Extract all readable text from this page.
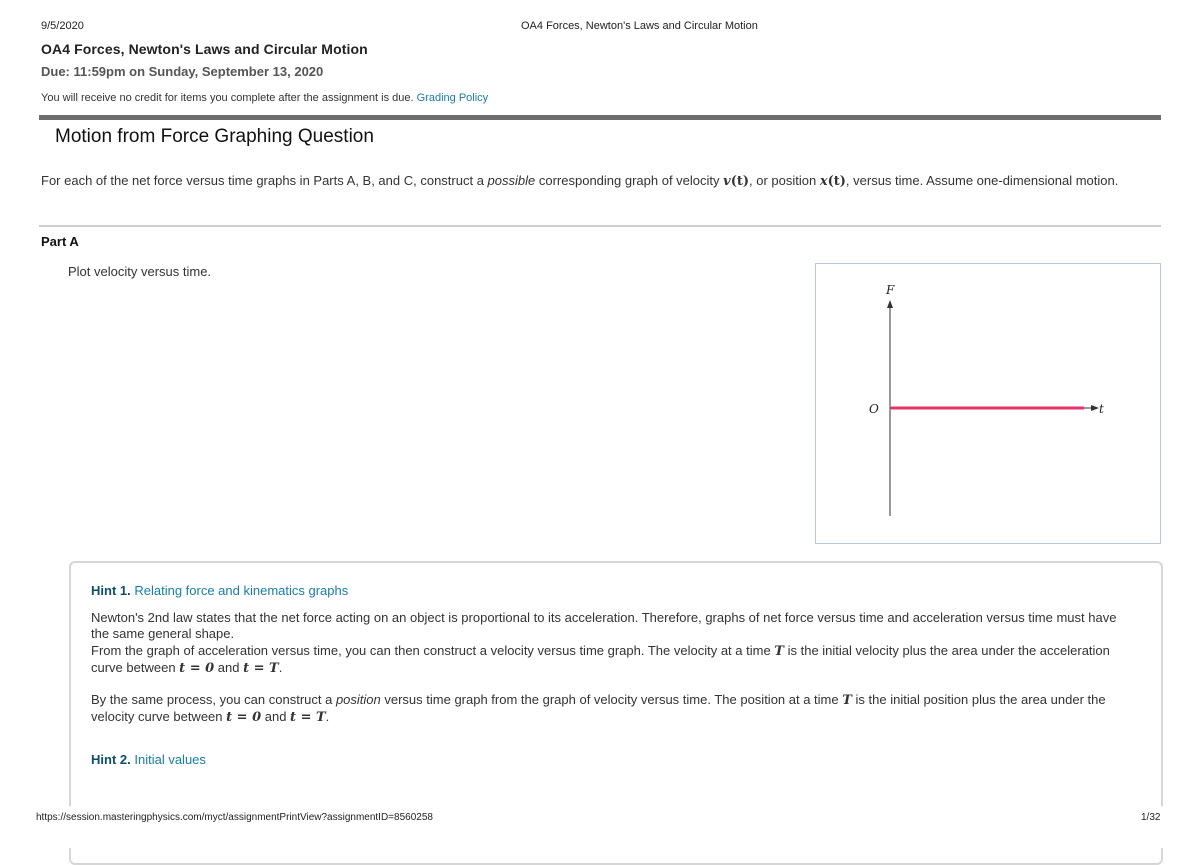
9/5/2020	OA4 Forces, Newton's Laws and Circular Motion
OA4 Forces, Newton's Laws and Circular Motion
Due: 11:59pm on Sunday, September 13, 2020
You will receive no credit for items you complete after the assignment is due. Grading Policy
Motion from Force Graphing Question
For each of the net force versus time graphs in Parts A, B, and C, construct a possible corresponding graph of velocity v(t), or position x(t), versus time. Assume one-dimensional motion.
Part A
Plot velocity versus time.
F
t
O
Hint 1. Relating force and kinematics graphs
Newton's 2nd law states that the net force acting on an object is proportional to its acceleration. Therefore, graphs of net force versus time and acceleration versus time must have the same general shape.
From the graph of acceleration versus time, you can then construct a velocity versus time graph. The velocity at a time T is the initial velocity plus the area under the acceleration curve between t = 0 and t = T.
By the same process, you can construct a position versus time graph from the graph of velocity versus time. The position at a time T is the initial position plus the area under the velocity curve between t = 0 and t = T.
Hint 2. Initial values
https://session.masteringphysics.com/myct/assignmentPrintView?assignmentID=8560258	1/32
